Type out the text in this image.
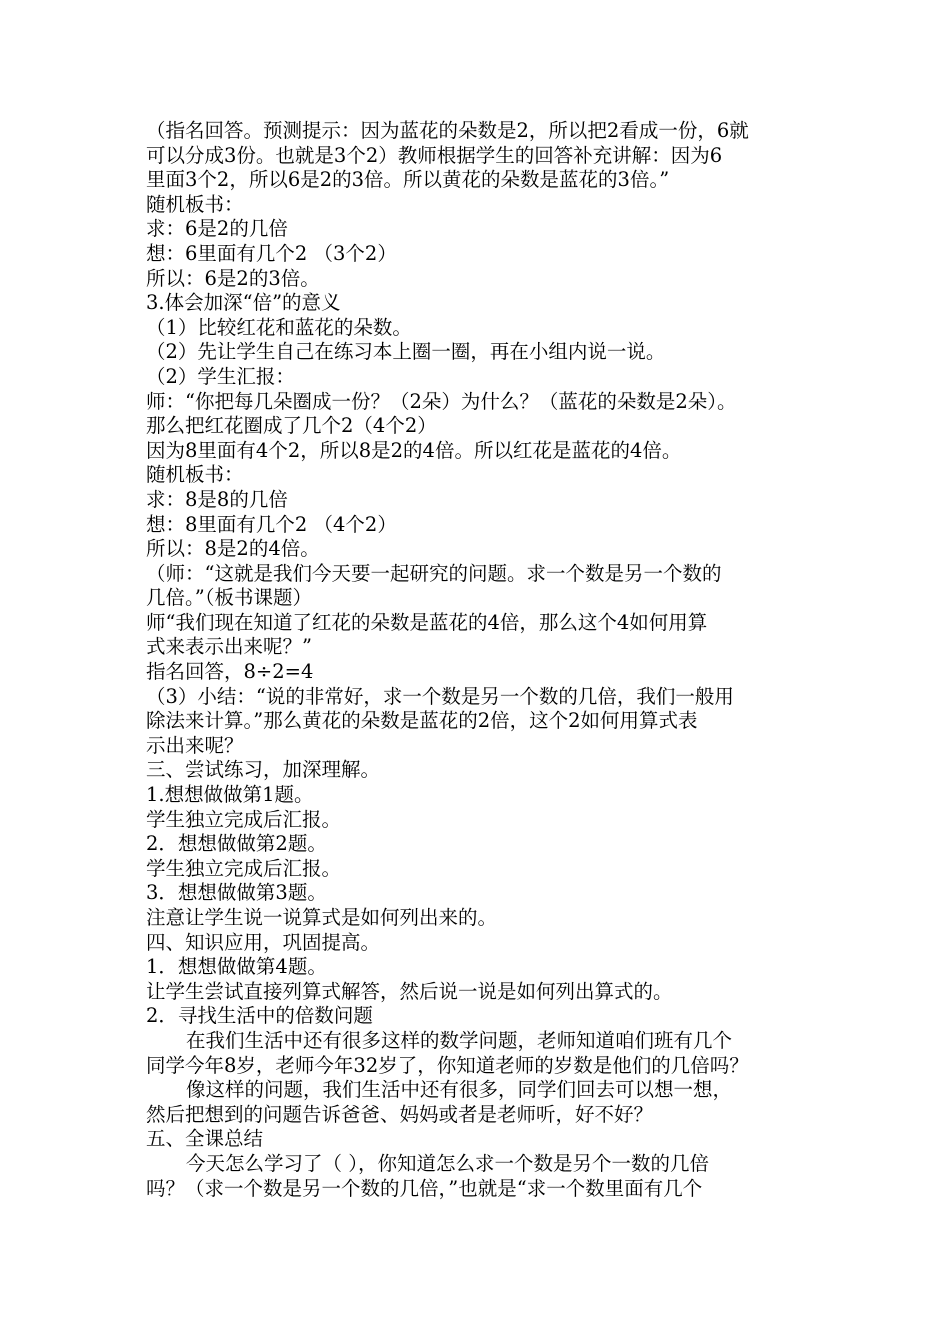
（指名回答。预测提示：因为蓝花的朵数是2，所以把2看成一份，6就
可以分成3份。也就是3个2）教师根据学生的回答补充讲解：因为6
里面3个2，所以6是2的3倍。所以黄花的朵数是蓝花的3倍。”
随机板书：
求：6是2的几倍
想：6里面有几个2 （3个2）
所以：6是2的3倍。
3.体会加深“倍”的意义
（1）比较红花和蓝花的朵数。
（2）先让学生自己在练习本上圈一圈，再在小组内说一说。
（2）学生汇报：
师：“你把每几朵圈成一份？（2朵）为什么？（蓝花的朵数是2朵）。
那么把红花圈成了几个2（4个2）
因为8里面有4个2，所以8是2的4倍。所以红花是蓝花的4倍。
随机板书：
求：8是8的几倍
想：8里面有几个2 （4个2）
所以：8是2的4倍。
（师：“这就是我们今天要一起研究的问题。求一个数是另一个数的
几倍。”（板书课题）
师“我们现在知道了红花的朵数是蓝花的4倍，那么这个4如何用算
式来表示出来呢？”
指名回答，8÷2=4
（3）小结：“说的非常好，求一个数是另一个数的几倍，我们一般用
除法来计算。”那么黄花的朵数是蓝花的2倍，这个2如何用算式表
示出来呢？
三、尝试练习，加深理解。
1.想想做做第1题。
学生独立完成后汇报。
2．想想做做第2题。
学生独立完成后汇报。
3．想想做做第3题。
注意让学生说一说算式是如何列出来的。
四、知识应用，巩固提高。
1．想想做做第4题。
让学生尝试直接列算式解答，然后说一说是如何列出算式的。
2．寻找生活中的倍数问题
在我们生活中还有很多这样的数学问题，老师知道咱们班有几个
同学今年8岁，老师今年32岁了，你知道老师的岁数是他们的几倍吗？
像这样的问题，我们生活中还有很多，同学们回去可以想一想，
然后把想到的问题告诉爸爸、妈妈或者是老师听，好不好？
五、全课总结
今天怎么学习了（ ），你知道怎么求一个数是另个一数的几倍
吗？（求一个数是另一个数的几倍，”也就是“求一个数里面有几个
